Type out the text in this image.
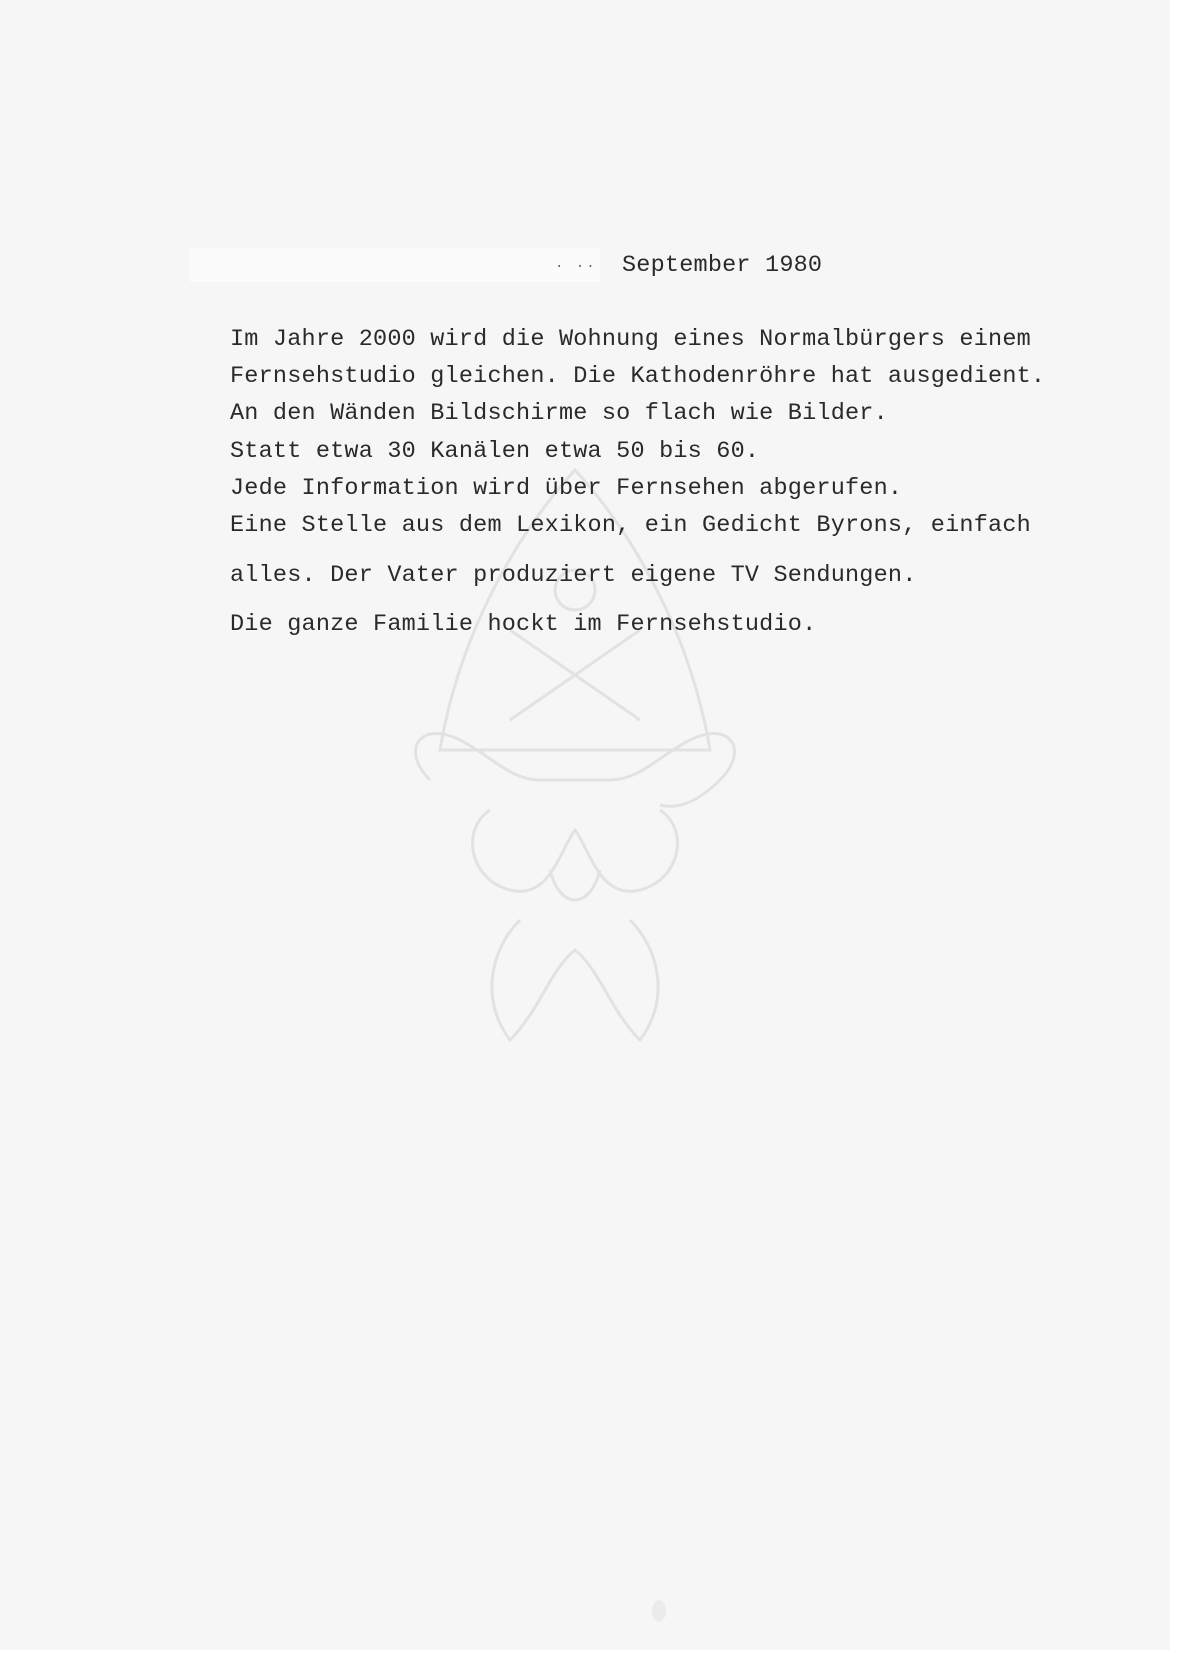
. .. September 1980
Im Jahre 2000 wird die Wohnung eines Normalbürgers einem
Fernsehstudio gleichen. Die Kathodenröhre hat ausgedient.
An den Wänden Bildschirme so flach wie Bilder.
Statt etwa 30 Kanälen etwa 50 bis 60.
Jede Information wird über Fernsehen abgerufen.
Eine Stelle aus dem Lexikon, ein Gedicht Byrons, einfach
alles. Der Vater produziert eigene TV Sendungen.
Die ganze Familie hockt im Fernsehstudio.
